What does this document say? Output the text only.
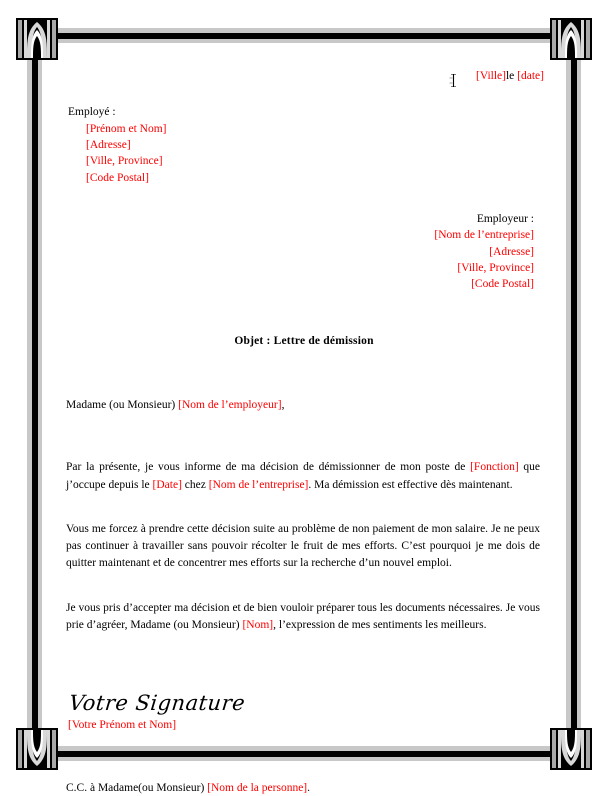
[Ville]le [date]
Employé :
[Prénom et Nom]
[Adresse]
[Ville, Province]
[Code Postal]
Employeur :
[Nom de l’entreprise]
[Adresse]
[Ville, Province]
[Code Postal]
Objet : Lettre de démission
Madame (ou Monsieur) [Nom de l’employeur],
Par la présente, je vous informe de ma décision de démissionner de mon poste de [Fonction] que j’occupe depuis le [Date] chez [Nom de l’entreprise]. Ma démission est effective dès maintenant.
Vous me forcez à prendre cette décision suite au problème de non paiement de mon salaire. Je ne peux pas continuer à travailler sans pouvoir récolter le fruit de mes efforts. C’est pourquoi je me dois de quitter maintenant et de concentrer mes efforts sur la recherche d’un nouvel emploi.
Je vous pris d’accepter ma décision et de bien vouloir préparer tous les documents nécessaires. Je vous prie d’agréer, Madame (ou Monsieur) [Nom], l’expression de mes sentiments les meilleurs.
Votre Signature
[Votre Prénom et Nom]
C.C. à Madame(ou Monsieur) [Nom de la personne].
